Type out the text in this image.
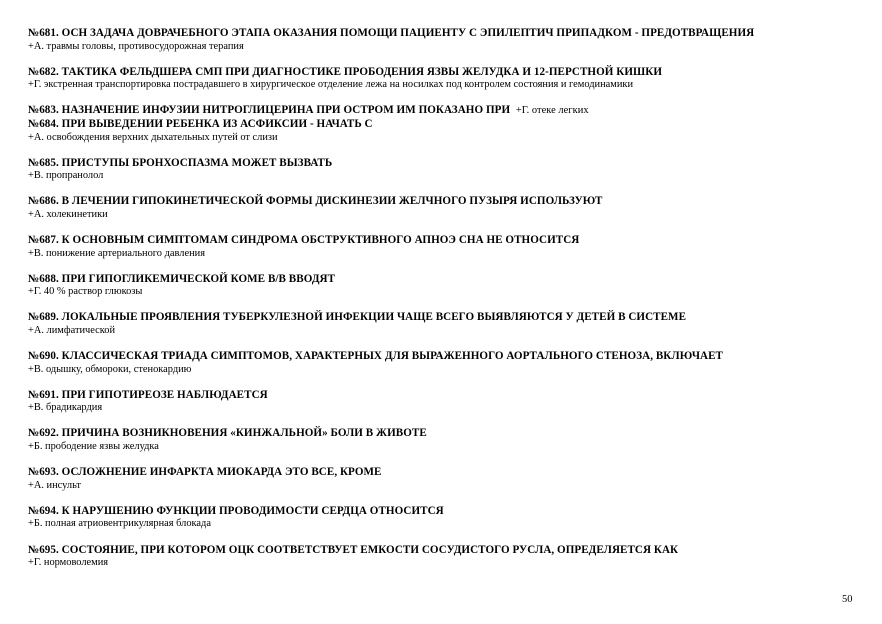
№681. ОСН ЗАДАЧА ДОВРАЧЕБНОГО ЭТАПА ОКАЗАНИЯ ПОМОЩИ ПАЦИЕНТУ С ЭПИЛЕПТИЧ ПРИПАДКОМ - ПРЕДОТВРАЩЕНИЯ
+А. травмы головы, противосудорожная терапия
№682. ТАКТИКА ФЕЛЬДШЕРА СМП ПРИ ДИАГНОСТИКЕ ПРОБОДЕНИЯ ЯЗВЫ ЖЕЛУДКА И 12-ПЕРСТНОЙ КИШКИ
+Г. экстренная транспортировка пострадавшего в хирургическое отделение лежа на носилках под контролем состояния и гемодинамики
№683. НАЗНАЧЕНИЕ ИНФУЗИИ НИТРОГЛИЦЕРИНА ПРИ ОСТРОМ ИМ ПОКАЗАНО ПРИ +Г. отеке легких
№684. ПРИ ВЫВЕДЕНИИ РЕБЕНКА ИЗ АСФИКСИИ - НАЧАТЬ С
+А. освобождения верхних дыхательных путей от слизи
№685. ПРИСТУПЫ БРОНХОСПАЗМА МОЖЕТ ВЫЗВАТЬ
+В. пропранолол
№686. В ЛЕЧЕНИИ ГИПОКИНЕТИЧЕСКОЙ ФОРМЫ ДИСКИНЕЗИИ ЖЕЛЧНОГО ПУЗЫРЯ ИСПОЛЬЗУЮТ
+А. холекинетики
№687. К ОСНОВНЫМ СИМПТОМАМ СИНДРОМА ОБСТРУКТИВНОГО АПНОЭ СНА НЕ ОТНОСИТСЯ
+В. понижение артериального давления
№688. ПРИ ГИПОГЛИКЕМИЧЕСКОЙ КОМЕ В/В ВВОДЯТ
+Г. 40 % раствор глюкозы
№689. ЛОКАЛЬНЫЕ ПРОЯВЛЕНИЯ ТУБЕРКУЛЕЗНОЙ ИНФЕКЦИИ ЧАЩЕ ВСЕГО ВЫЯВЛЯЮТСЯ У ДЕТЕЙ В СИСТЕМЕ
+А. лимфатической
№690. КЛАССИЧЕСКАЯ ТРИАДА СИМПТОМОВ, ХАРАКТЕРНЫХ ДЛЯ ВЫРАЖЕННОГО АОРТАЛЬНОГО СТЕНОЗА, ВКЛЮЧАЕТ
+В. одышку, обмороки, стенокардию
№691. ПРИ ГИПОТИРЕОЗЕ НАБЛЮДАЕТСЯ
+В. брадикардия
№692. ПРИЧИНА ВОЗНИКНОВЕНИЯ «КИНЖАЛЬНОЙ» БОЛИ В ЖИВОТЕ
+Б. прободение язвы желудка
№693. ОСЛОЖНЕНИЕ ИНФАРКТА МИОКАРДА ЭТО ВСЕ, КРОМЕ
+А. инсульт
№694. К НАРУШЕНИЮ ФУНКЦИИ ПРОВОДИМОСТИ СЕРДЦА ОТНОСИТСЯ
+Б. полная атриовентрикулярная блокада
№695. СОСТОЯНИЕ, ПРИ КОТОРОМ ОЦК СООТВЕТСТВУЕТ ЕМКОСТИ СОСУДИСТОГО РУСЛА, ОПРЕДЕЛЯЕТСЯ КАК
+Г. нормоволемия
50
